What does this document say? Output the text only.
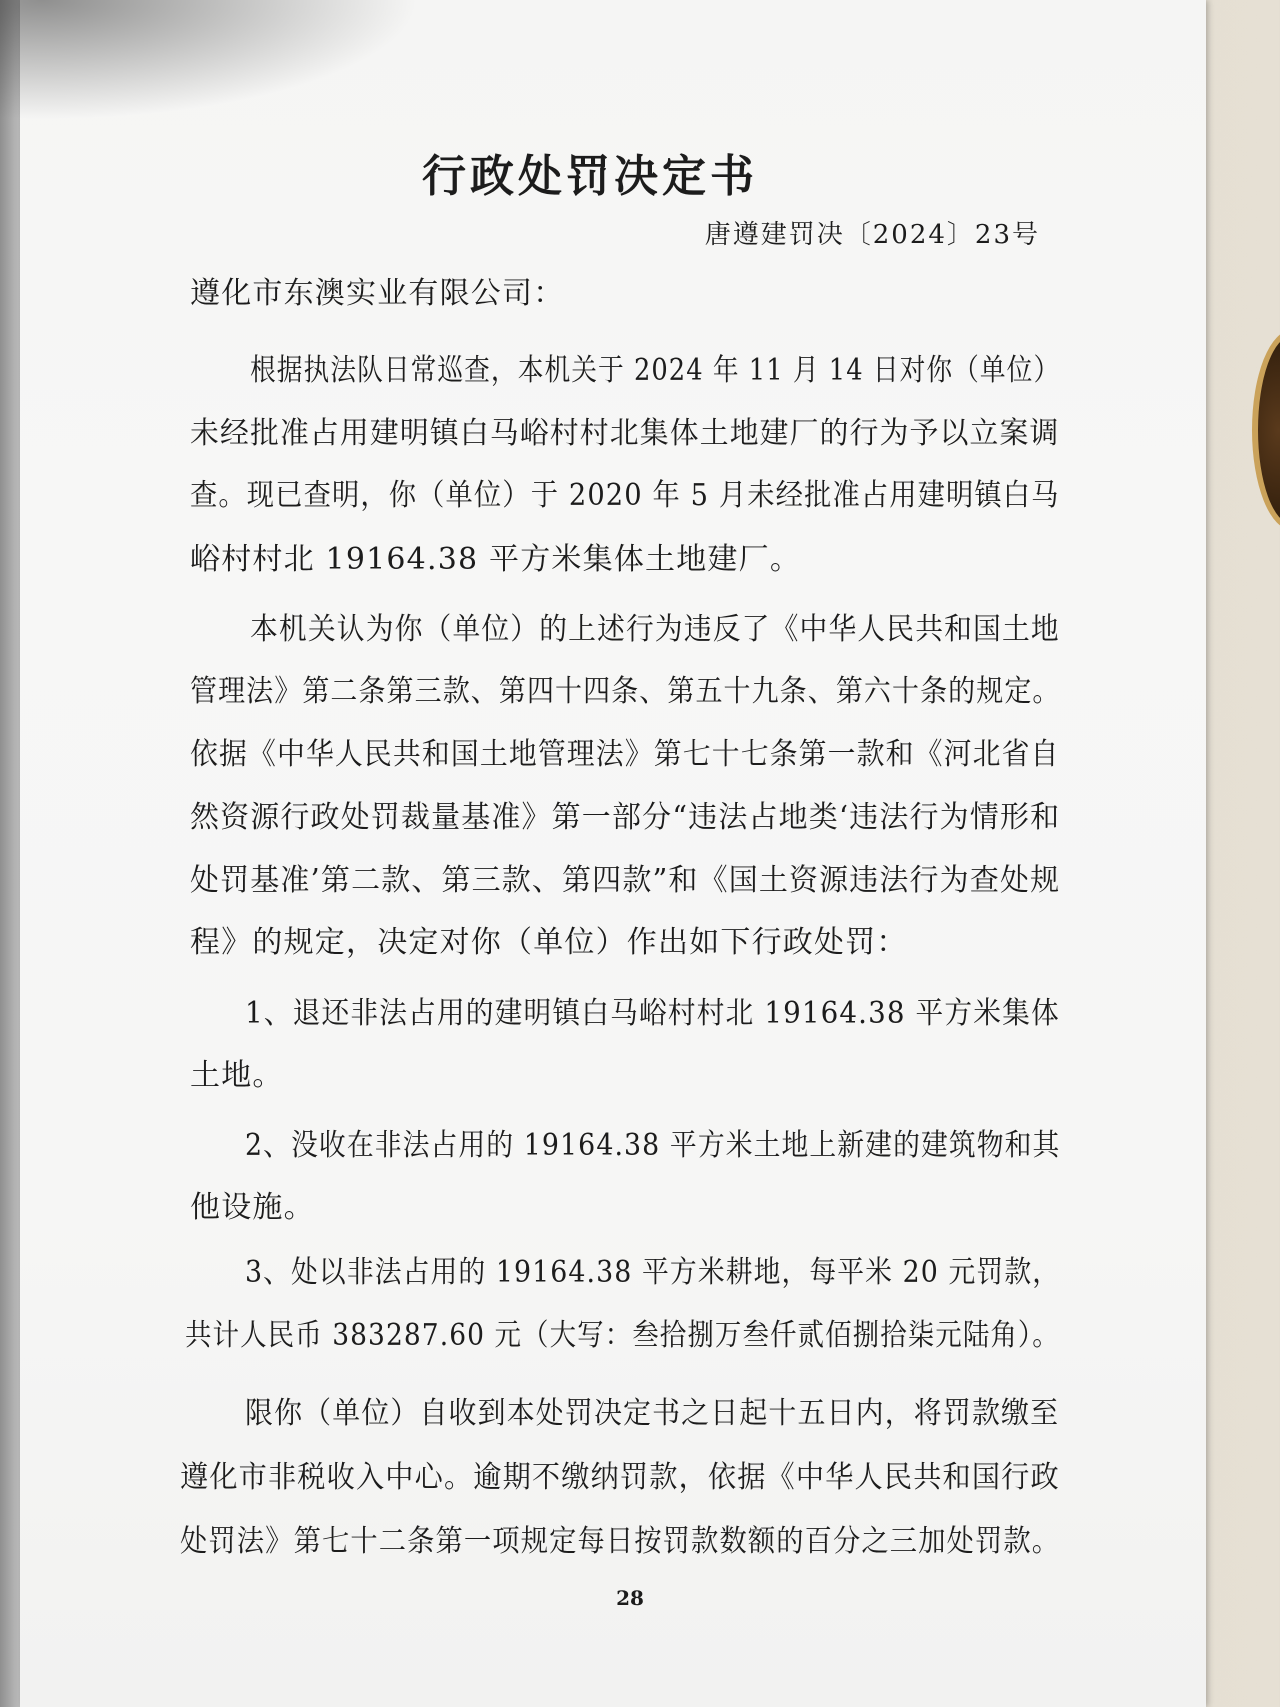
行政处罚决定书
唐遵建罚决〔2024〕23号
遵化市东澳实业有限公司：
根据执法队日常巡查，本机关于 2024 年 11 月 14 日对你（单位）
未经批准占用建明镇白马峪村村北集体土地建厂的行为予以立案调
查。现已查明，你（单位）于 2020 年 5 月未经批准占用建明镇白马
峪村村北 19164.38 平方米集体土地建厂。
本机关认为你（单位）的上述行为违反了《中华人民共和国土地
管理法》第二条第三款、第四十四条、第五十九条、第六十条的规定。
依据《中华人民共和国土地管理法》第七十七条第一款和《河北省自
然资源行政处罚裁量基准》第一部分“违法占地类‘违法行为情形和
处罚基准’第二款、第三款、第四款”和《国土资源违法行为查处规
程》的规定，决定对你（单位）作出如下行政处罚：
1、退还非法占用的建明镇白马峪村村北 19164.38 平方米集体
土地。
2、没收在非法占用的 19164.38 平方米土地上新建的建筑物和其
他设施。
3、处以非法占用的 19164.38 平方米耕地，每平米 20 元罚款，
共计人民币 383287.60 元（大写：叁拾捌万叁仟贰佰捌拾柒元陆角）。
限你（单位）自收到本处罚决定书之日起十五日内，将罚款缴至
遵化市非税收入中心。逾期不缴纳罚款，依据《中华人民共和国行政
处罚法》第七十二条第一项规定每日按罚款数额的百分之三加处罚款。
28
